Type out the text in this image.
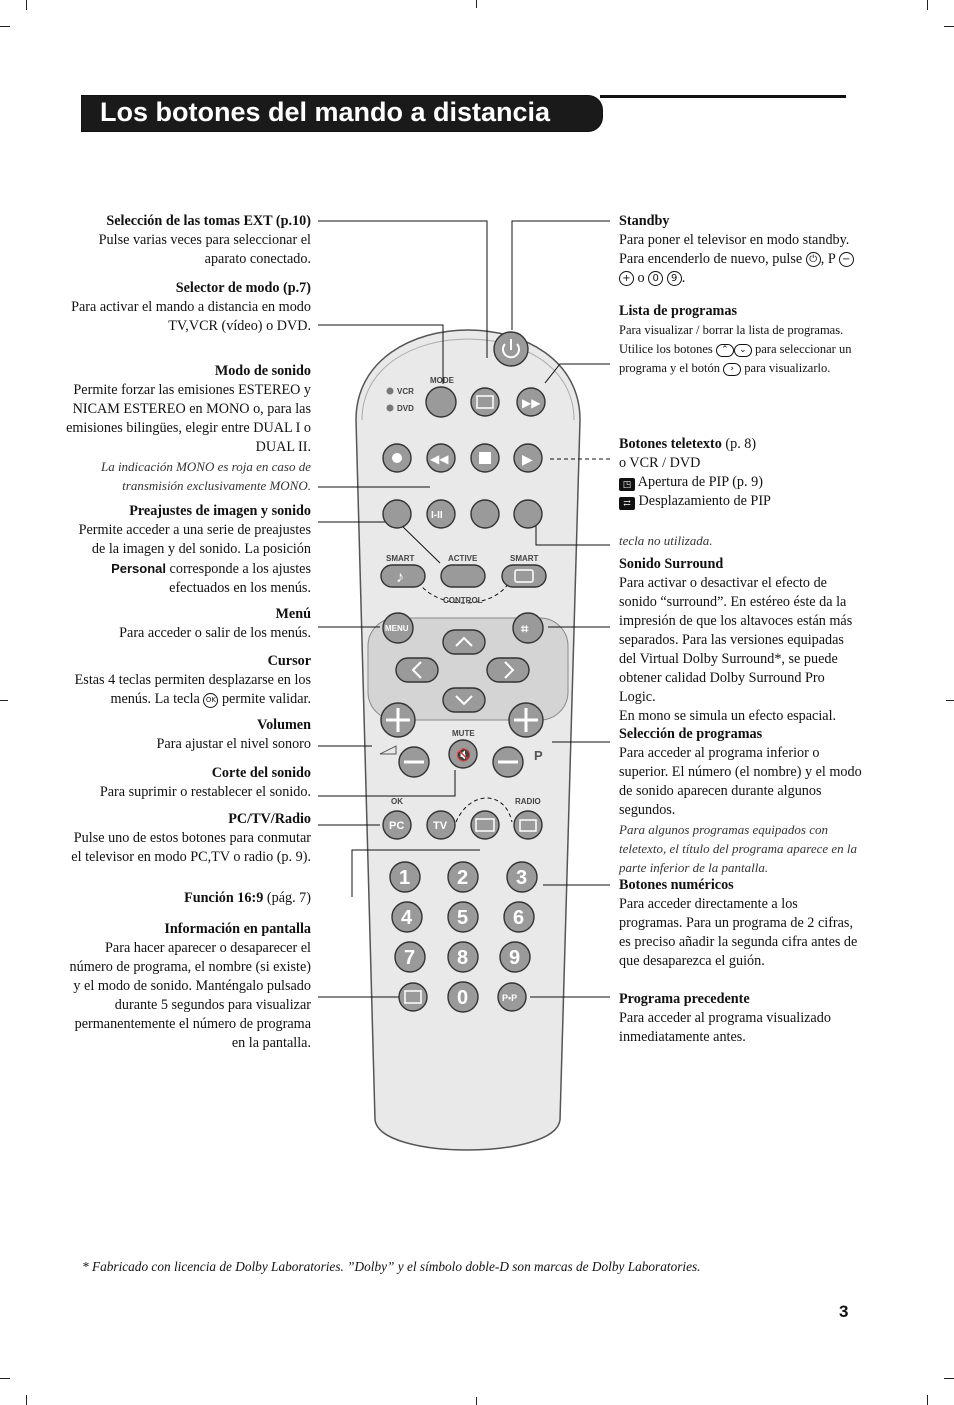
Los botones del mando a distancia
VCR
DVD
MODE
▶▶
◀◀	▶
I-II
SMART	ACTIVE	SMART
♪
CONTROL
MENU	⌗
P
MUTE
🔇
OK	RADIO
PC	TV
1 2 3
4 5 6
7 8 9
0	P•P
Selección de las tomas EXT (p.10)
Pulse varias veces para seleccionar el aparato conectado.
Selector de modo (p.7)
Para activar el mando a distancia en modo TV,VCR (vídeo) o DVD.
Modo de sonido
Permite forzar las emisiones ESTEREO y NICAM ESTEREO en MONO o, para las emisiones bilingües, elegir entre DUAL I o DUAL II.
La indicación MONO es roja en caso de transmisión exclusivamente MONO.
Preajustes de imagen y sonido
Permite acceder a una serie de preajustes de la imagen y del sonido. La posición Personal corresponde a los ajustes efectuados en los menús.
Menú
Para acceder o salir de los menús.
Cursor
Estas 4 teclas permiten desplazarse en los menús. La tecla OK permite validar.
Volumen
Para ajustar el nivel sonoro
Corte del sonido
Para suprimir o restablecer el sonido.
PC/TV/Radio
Pulse uno de estos botones para conmutar el televisor en modo PC,TV o radio (p. 9).
Función 16:9 (pág. 7)
Información en pantalla
Para hacer aparecer o desaparecer el número de programa, el nombre (si existe) y el modo de sonido. Manténgalo pulsado durante 5 segundos para visualizar permanentemente el número de programa en la pantalla.
Standby
Para poner el televisor en modo standby. Para encenderlo de nuevo, pulse ⏻ , P − + o 0 9 .
Lista de programas
Para visualizar / borrar la lista de programas. Utilice los botones ⌃ ⌄ para seleccionar un programa y el botón › para visualizarlo.
Botones teletexto (p. 8)
o VCR / DVD
◳ Apertura de PIP (p. 9)
⇄ Desplazamiento de PIP
tecla no utilizada.
Sonido Surround
Para activar o desactivar el efecto de sonido “surround”. En estéreo éste da la impresión de que los altavoces están más separados. Para las versiones equipadas del Virtual Dolby Surround*, se puede obtener calidad Dolby Surround Pro Logic.
En mono se simula un efecto espacial.
Selección de programas
Para acceder al programa inferior o superior. El número (el nombre) y el modo de sonido aparecen durante algunos segundos.
Para algunos programas equipados con teletexto, el título del programa aparece en la parte inferior de la pantalla.
Botones numéricos
Para acceder directamente a los programas. Para un programa de 2 cifras, es preciso añadir la segunda cifra antes de que desaparezca el guión.
Programa precedente
Para acceder al programa visualizado inmediatamente antes.
* Fabricado con licencia de Dolby Laboratories. ”Dolby” y el símbolo doble-D son marcas de Dolby Laboratories.
3
